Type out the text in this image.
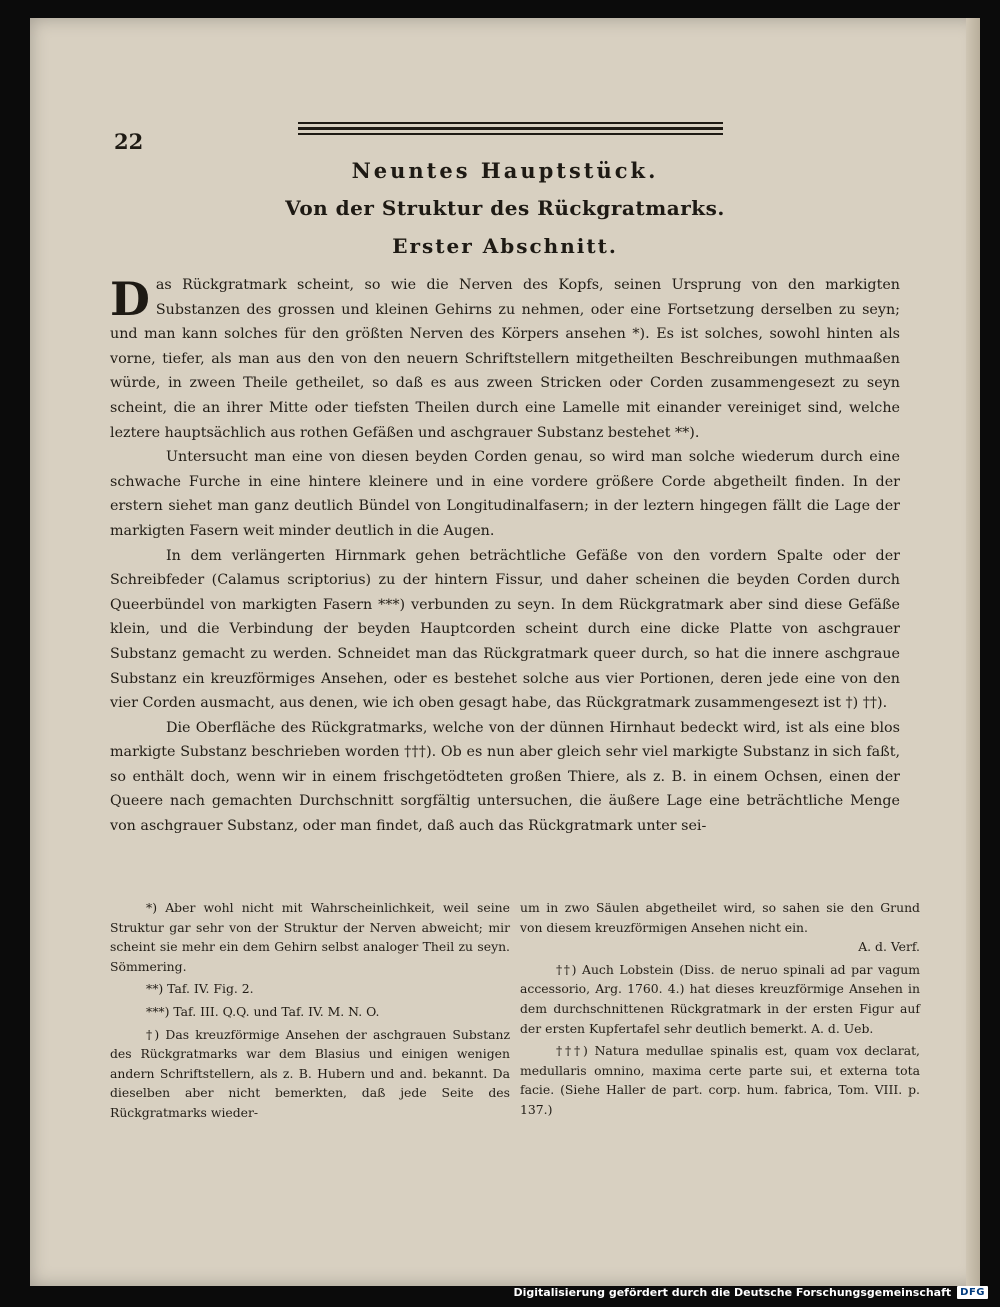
22
Neuntes Hauptstück.
Von der Struktur des Rückgratmarks.
Erster Abschnitt.

Das Rückgratmark scheint, so wie die Nerven des Kopfs, seinen Ursprung von den markigten Substanzen des grossen und kleinen Gehirns zu nehmen, oder eine Fortsetzung derselben zu seyn; und man kann solches für den größten Nerven des Körpers ansehen *). Es ist solches, sowohl hinten als vorne, tiefer, als man aus den von den neuern Schriftstellern mitgetheilten Beschreibungen muthmaaßen würde, in zween Theile getheilet, so daß es aus zween Stricken oder Corden zusammengesezt zu seyn scheint, die an ihrer Mitte oder tiefsten Theilen durch eine Lamelle mit einander vereiniget sind, welche leztere hauptsächlich aus rothen Gefäßen und aschgrauer Substanz bestehet **).

Untersucht man eine von diesen beyden Corden genau, so wird man solche wiederum durch eine schwache Furche in eine hintere kleinere und in eine vordere größere Corde abgetheilt finden. In der erstern siehet man ganz deutlich Bündel von Longitudinalfasern; in der leztern hingegen fällt die Lage der markigten Fasern weit minder deutlich in die Augen.

In dem verlängerten Hirnmark gehen beträchtliche Gefäße von den vordern Spalte oder der Schreibfeder (Calamus scriptorius) zu der hintern Fissur, und daher scheinen die beyden Corden durch Queerbündel von markigten Fasern ***) verbunden zu seyn. In dem Rückgratmark aber sind diese Gefäße klein, und die Verbindung der beyden Hauptcorden scheint durch eine dicke Platte von aschgrauer Substanz gemacht zu werden. Schneidet man das Rückgratmark queer durch, so hat die innere aschgraue Substanz ein kreuzförmiges Ansehen, oder es bestehet solche aus vier Portionen, deren jede eine von den vier Corden ausmacht, aus denen, wie ich oben gesagt habe, das Rückgratmark zusammengesezt ist †) ††).

Die Oberfläche des Rückgratmarks, welche von der dünnen Hirnhaut bedeckt wird, ist als eine blos markigte Substanz beschrieben worden †††). Ob es nun aber gleich sehr viel markigte Substanz in sich faßt, so enthält doch, wenn wir in einem frischgetödteten großen Thiere, als z. B. in einem Ochsen, einen der Queere nach gemachten Durchschnitt sorgfältig untersuchen, die äußere Lage eine beträchtliche Menge von aschgrauer Substanz, oder man findet, daß auch das Rückgratmark unter sei-

*) Aber wohl nicht mit Wahrscheinlichkeit, weil seine Struktur gar sehr von der Struktur der Nerven abweicht; mir scheint sie mehr ein dem Gehirn selbst analoger Theil zu seyn. Sömmering.

**) Taf. IV. Fig. 2.

***) Taf. III. Q.Q. und Taf. IV. M. N. O.

†) Das kreuzförmige Ansehen der aschgrauen Substanz des Rückgratmarks war dem Blasius und einigen wenigen andern Schriftstellern, als z. B. Hubern und and. bekannt. Da dieselben aber nicht bemerkten, daß jede Seite des Rückgratmarks wieder-

um in zwo Säulen abgetheilet wird, so sahen sie den Grund von diesem kreuzförmigen Ansehen nicht ein.
A. d. Verf.

††) Auch Lobstein (Diss. de neruo spinali ad par vagum accessorio, Arg. 1760. 4.) hat dieses kreuzförmige Ansehen in dem durchschnittenen Rückgratmark in der ersten Figur auf der ersten Kupfertafel sehr deutlich bemerkt. A. d. Ueb.

†††) Natura medullae spinalis est, quam vox declarat, medullaris omnino, maxima certe parte sui, et externa tota facie. (Siehe Haller de part. corp. hum. fabrica, Tom. VIII. p. 137.)

Digitalisierung gefördert durch die Deutsche Forschungsgemeinschaft DFG
